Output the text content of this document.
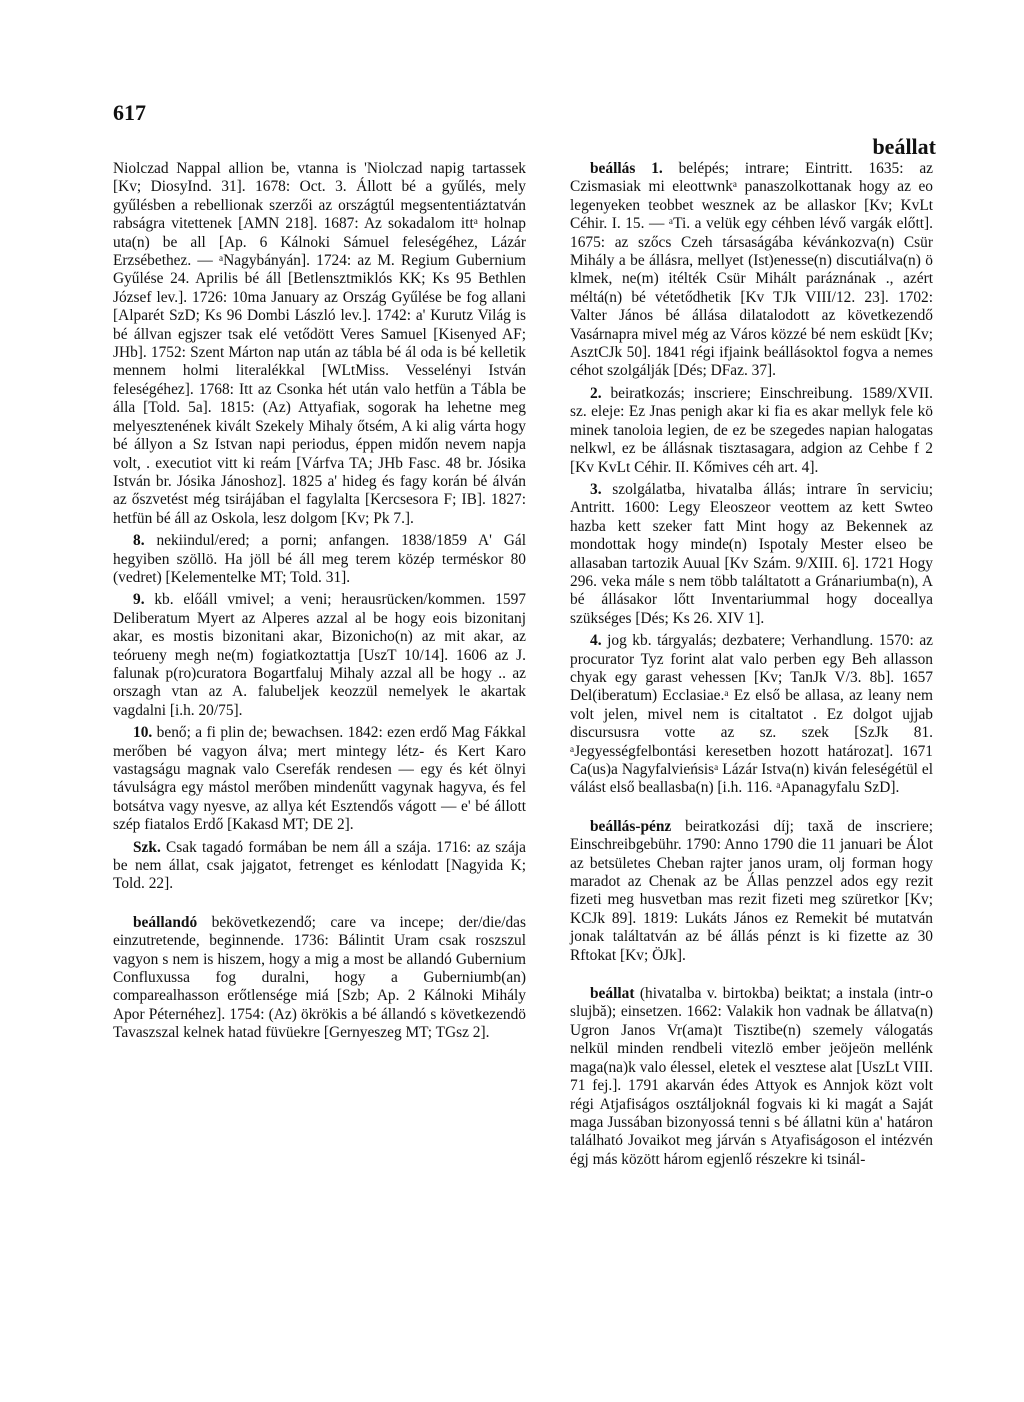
617
beállat

Niolczad Nappal allion be, vtanna is 'Niolczad napig tartassek [Kv; DiosyInd. 31]. 1678: Oct. 3. Állott bé a gyűlés, mely gyűlésben a rebellionak szerzői az országtúl megsententiáztatván rabságra vitettenek [AMN 218]. 1687: Az sokadalom ittᵃ holnap uta(n) be all [Ap. 6 Kálnoki Sámuel feleségéhez, Lázár Erzsébethez. — ᵃNagybányán]. 1724: az M. Regium Gubernium Gyűlése 24. Aprilis bé áll [Betlensztmiklós KK; Ks 95 Bethlen József lev.]. 1726: 10ma January az Ország Gyűlése be fog allani [Alparét SzD; Ks 96 Dombi László lev.]. 1742: a' Kurutz Világ is bé állvan egjszer tsak elé vetődött Veres Samuel [Kisenyed AF; JHb]. 1752: Szent Márton nap után az tábla bé ál oda is bé kelletik mennem holmi literalékkal [WLtMiss. Vesselényi István feleségéhez]. 1768: Itt az Csonka hét után valo hetfün a Tábla be álla [Told. 5a]. 1815: (Az) Attyafiak, sogorak ha lehetne meg melyesztenének kivált Szekely Mihaly őtsém, A ki alig várta hogy bé állyon a Sz Istvan napi periodus, éppen midőn nevem napja volt, . executiot vitt ki reám [Várfva TA; JHb Fasc. 48 br. Jósika István br. Jósika Jánoshoz]. 1825 a' hideg és fagy korán bé álván az őszvetést még tsirájában el fagylalta [Kercsesora F; IB]. 1827: hetfün bé áll az Oskola, lesz dolgom [Kv; Pk 7.].

8. nekiindul/ered; a porni; anfangen. 1838/1859 A' Gál hegyiben szöllö. Ha jöll bé áll meg terem közép terméskor 80 (vedret) [Kelementelke MT; Told. 31].

9. kb. előáll vmivel; a veni; herausrücken/kommen. 1597 Deliberatum Myert az Alperes azzal al be hogy eois bizonitanj akar, es mostis bizonitani akar, Bizonicho(n) az mit akar, az teórueny megh ne(m) fogiatkoztattja [UszT 10/14]. 1606 az J. falunak p(ro)curatora Bogartfaluj Mihaly azzal all be hogy .. az orszagh vtan az A. falubeljek keozzül nemelyek le akartak vagdalni [i.h. 20/75].

10. benő; a fi plin de; bewachsen. 1842: ezen erdő Mag Fákkal merőben bé vagyon álva; mert mintegy létz- és Kert Karo vastagságu magnak valo Cserefák rendesen — egy és két ölnyi távulságra egy mástol merőben mindenűtt vagynak hagyva, és fel botsátva vagy nyesve, az allya két Esztendős vágott — e' bé állott szép fiatalos Erdő [Kakasd MT; DE 2].

Szk. Csak tagadó formában be nem áll a szája. 1716: az szája be nem állat, csak jajgatot, fetrenget es kénlodatt [Nagyida K; Told. 22].

beállandó bekövetkezendő; care va incepe; der/die/das einzutretende, beginnende. 1736: Bálintit Uram csak roszszul vagyon s nem is hiszem, hogy a mig a most be allandó Gubernium Confluxussa fog duralni, hogy a Guberniumb(an) comparealhasson erőtlensége miá [Szb; Ap. 2 Kálnoki Mihály Apor Péternéhez]. 1754: (Az) ökrökis a bé állandó s következendö Tavaszszal kelnek hatad füvüekre [Gernyeszeg MT; TGsz 2].

beállás 1. belépés; intrare; Eintritt. 1635: az Czismasiak mi eleottwnkᵃ panaszolkottanak hogy az eo legenyeken teobbet wesznek az be allaskor [Kv; KvLt Céhir. I. 15. — ᵃTi. a velük egy céhben lévő vargák előtt]. 1675: az szőcs Czeh társaságába kévánkozva(n) Csür Mihály a be állásra, mellyet (Ist)enesse(n) discutiálva(n) ö klmek, ne(m) itélték Csür Mihált paráznának ., azért méltá(n) bé vétetődhetik [Kv TJk VIII/12. 23]. 1702: Valter János bé állása dilatalodott az következendő Vasárnapra mivel még az Város közzé bé nem esküdt [Kv; AsztCJk 50]. 1841 régi ifjaink beállásoktol fogva a nemes céhot szolgálják [Dés; DFaz. 37].

2. beiratkozás; inscriere; Einschreibung. 1589/XVII. sz. eleje: Ez Jnas penigh akar ki fia es akar mellyk fele kö minek tanoloia legien, de ez be szegedes napian halogatas nelkwl, ez be állásnak tisztasagara, adgion az Cehbe f 2 [Kv KvLt Céhir. II. Kőmives céh art. 4].

3. szolgálatba, hivatalba állás; intrare în serviciu; Antritt. 1600: Legy Eleoszeor veottem az kett Swteo hazba kett szeker fatt Mint hogy az Bekennek az mondottak hogy minde(n) Ispotaly Mester elseo be allasaban tartozik Auual [Kv Szám. 9/XIII. 6]. 1721 Hogy 296. veka mále s nem több találtatott a Gránariumba(n), A bé állásakor lőtt Inventariummal hogy doceallya szükséges [Dés; Ks 26. XIV 1].

4. jog kb. tárgyalás; dezbatere; Verhandlung. 1570: az procurator Tyz forint alat valo perben egy Beh allasson chyak egy garast vehessen [Kv; TanJk V/3. 8b]. 1657 Del(iberatum) Ecclasiae.ᵃ Ez első be allasa, az leany nem volt jelen, mivel nem is citaltatot . Ez dolgot ujjab discursusra votte az sz. szek [SzJk 81. ᵃJegyességfelbontási keresetben hozott határozat]. 1671 Ca(us)a Nagyfalvieńsisᵃ Lázár Istva(n) kiván feleségétül el válást első beallasba(n) [i.h. 116. ᵃApanagyfalu SzD].

beállás-pénz beiratkozási díj; taxă de inscriere; Einschreibgebühr. 1790: Anno 1790 die 11 januari be Álot az betsületes Cheban rajter janos uram, olj forman hogy maradot az Chenak az be Állas penzzel ados egy rezit fizeti meg husvetban mas rezit fizeti meg szüretkor [Kv; KCJk 89]. 1819: Lukáts János ez Remekit bé mutatván jonak találtatván az bé állás pénzt is ki fizette az 30 Rftokat [Kv; ÖJk].

beállat (hivatalba v. birtokba) beiktat; a instala (intr-o slujbă); einsetzen. 1662: Valakik hon vadnak be állatva(n) Ugron Janos Vr(ama)t Tisztibe(n) szemely válogatás nelkül minden rendbeli vitezlö ember jeöjeön mellénk maga(na)k valo élessel, eletek el vesztese alat [UszLt VIII. 71 fej.]. 1791 akarván édes Attyok es Annjok közt volt régi Atjafiságos osztáljoknál fogvais ki ki magát a Saját maga Jussában bizonyossá tenni s bé állatni kün a' határon található Jovaikot meg járván s Atyafiságoson el intézvén égj más között három egjenlő részekre ki tsinál-
